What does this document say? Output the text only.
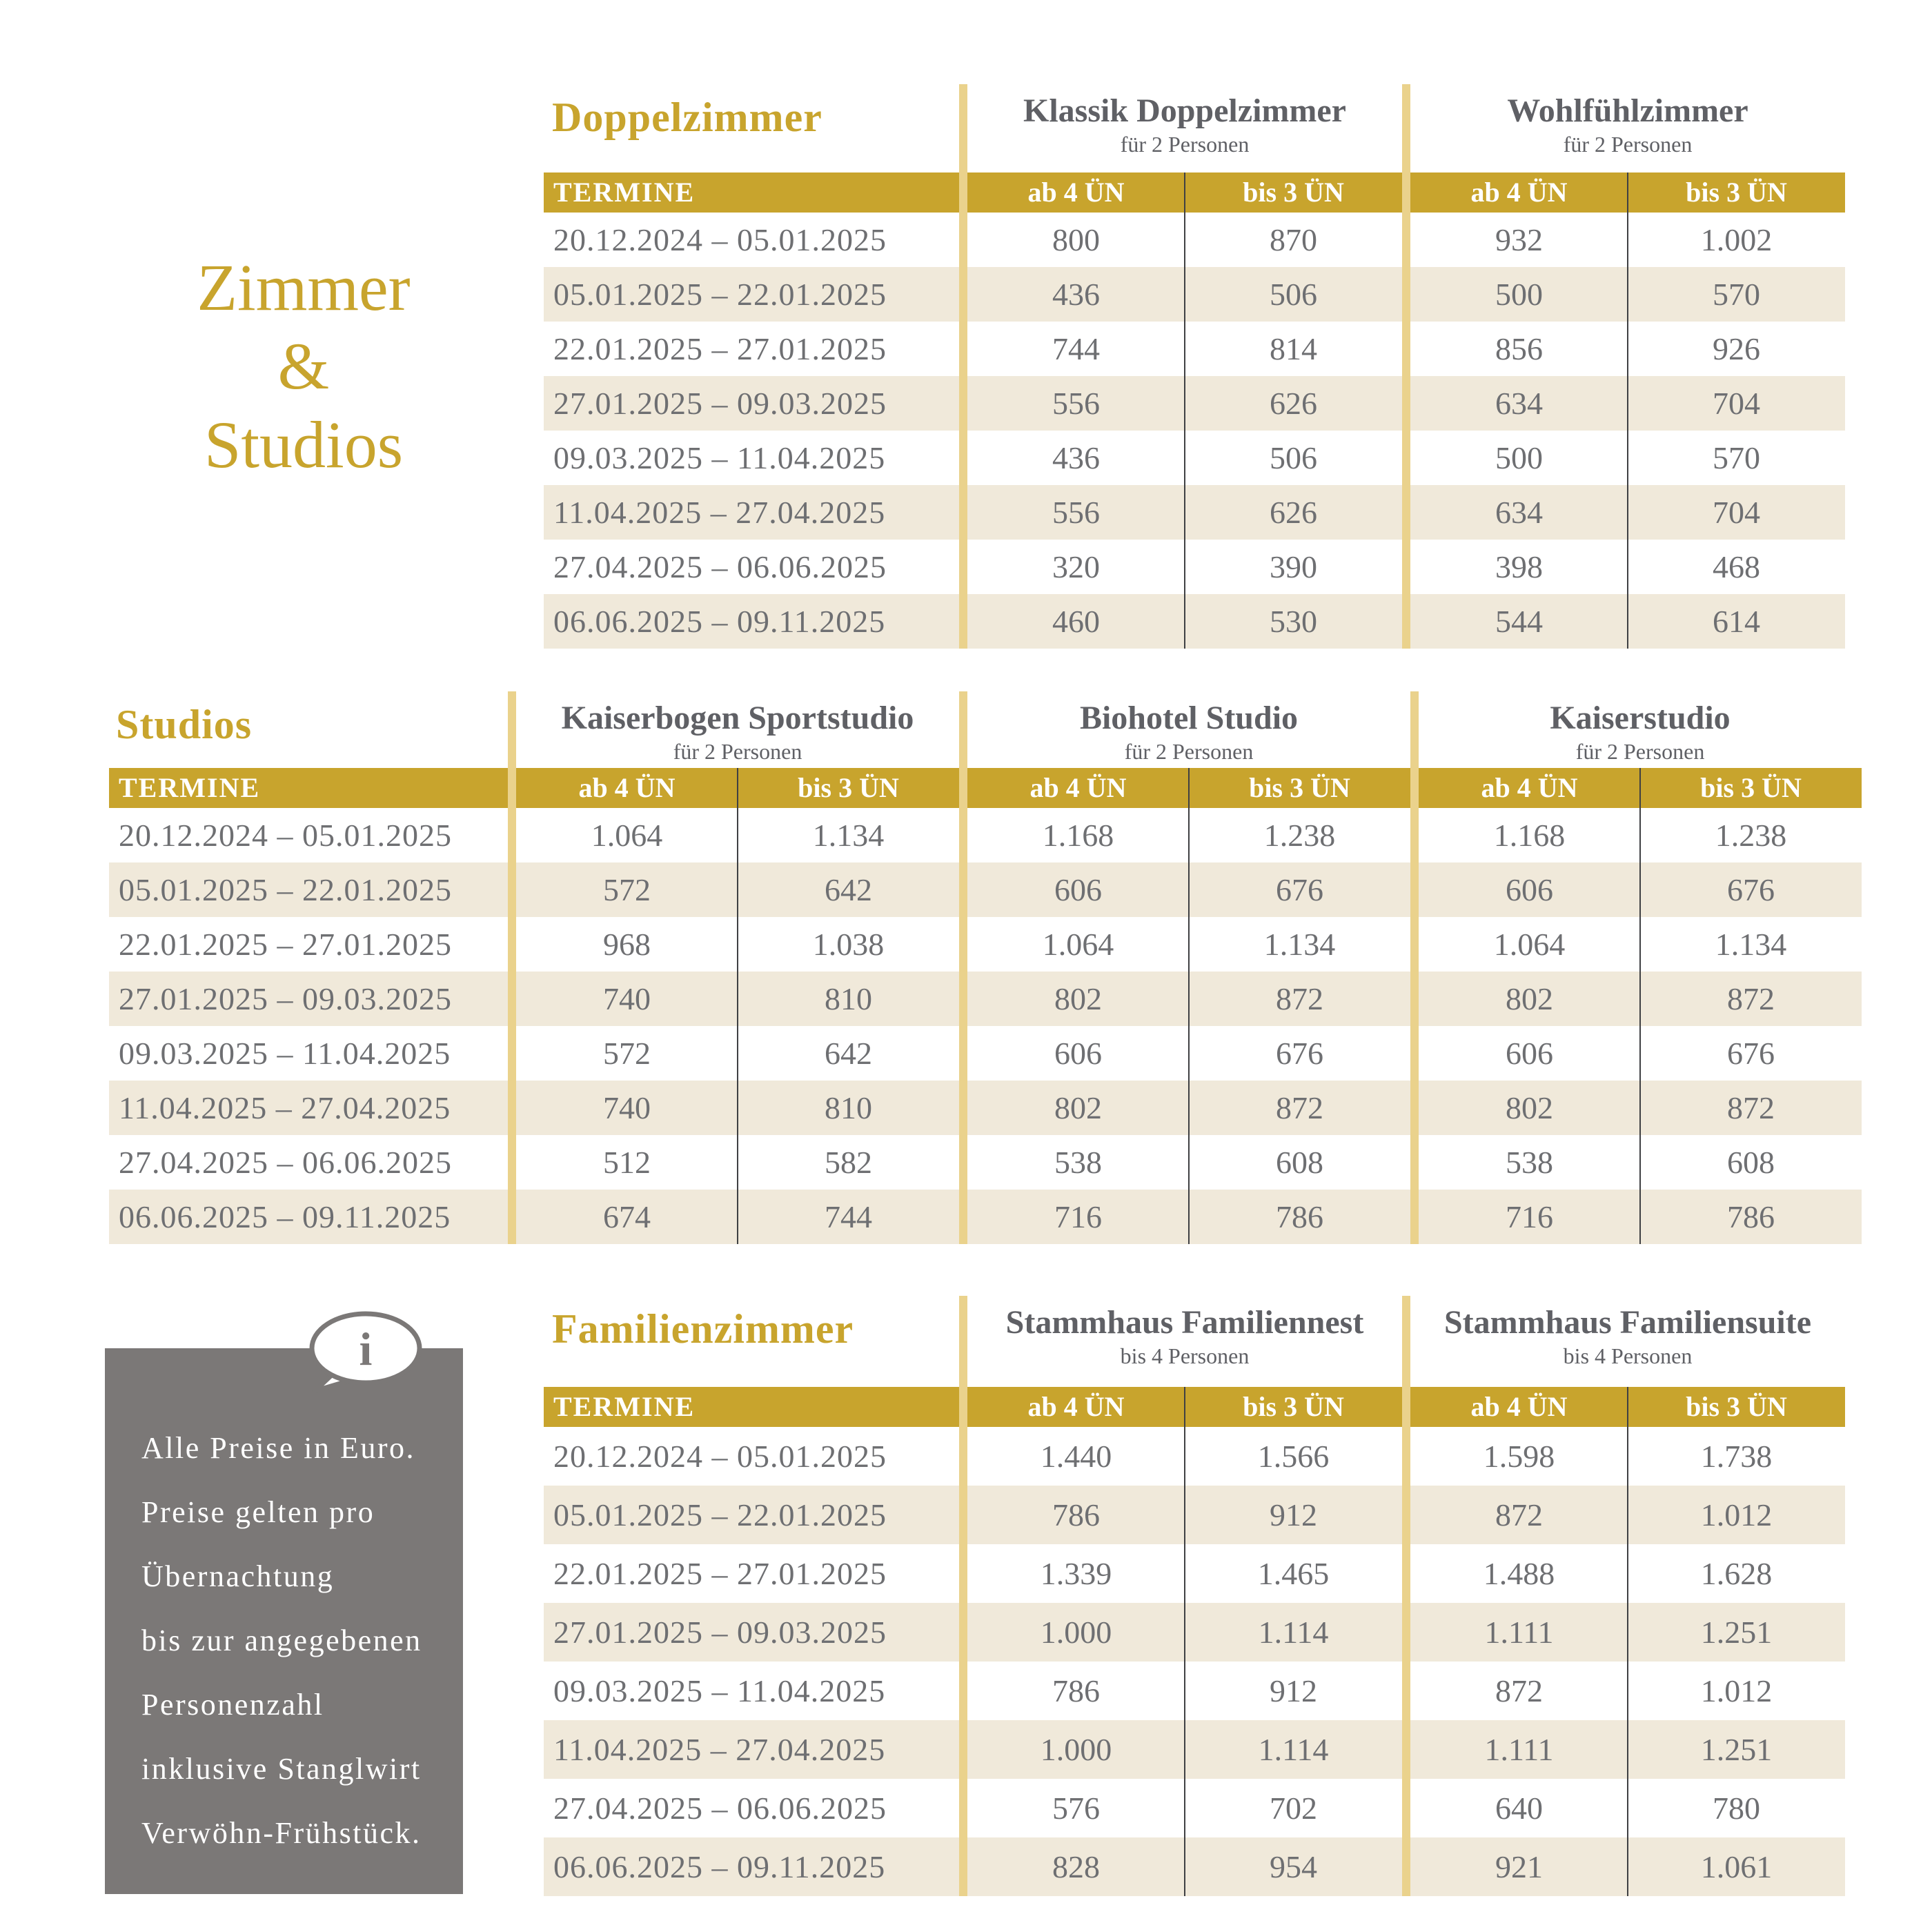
Zimmer
&
Studios
Doppelzimmer
20.12.2024 – 05.01.2025	800	870	932	1.002
05.01.2025 – 22.01.2025	436	506	500	570
22.01.2025 – 27.01.2025	744	814	856	926
27.01.2025 – 09.03.2025	556	626	634	704
09.03.2025 – 11.04.2025	436	506	500	570
11.04.2025 – 27.04.2025	556	626	634	704
27.04.2025 – 06.06.2025	320	390	398	468
06.06.2025 – 09.11.2025	460	530	544	614
TERMINE
Klassik Doppelzimmer
für 2 Personen
ab 4 ÜN	bis 3 ÜN
Wohlfühlzimmer
für 2 Personen
ab 4 ÜN	bis 3 ÜN
Studios
20.12.2024 – 05.01.2025	1.064	1.134	1.168	1.238	1.168	1.238
05.01.2025 – 22.01.2025	572	642	606	676	606	676
22.01.2025 – 27.01.2025	968	1.038	1.064	1.134	1.064	1.134
27.01.2025 – 09.03.2025	740	810	802	872	802	872
09.03.2025 – 11.04.2025	572	642	606	676	606	676
11.04.2025 – 27.04.2025	740	810	802	872	802	872
27.04.2025 – 06.06.2025	512	582	538	608	538	608
06.06.2025 – 09.11.2025	674	744	716	786	716	786
TERMINE
Kaiserbogen Sportstudio
für 2 Personen
ab 4 ÜN	bis 3 ÜN
Biohotel Studio
für 2 Personen
ab 4 ÜN	bis 3 ÜN
Kaiserstudio
für 2 Personen
ab 4 ÜN	bis 3 ÜN
Familienzimmer
20.12.2024 – 05.01.2025	1.440	1.566	1.598	1.738
05.01.2025 – 22.01.2025	786	912	872	1.012
22.01.2025 – 27.01.2025	1.339	1.465	1.488	1.628
27.01.2025 – 09.03.2025	1.000	1.114	1.111	1.251
09.03.2025 – 11.04.2025	786	912	872	1.012
11.04.2025 – 27.04.2025	1.000	1.114	1.111	1.251
27.04.2025 – 06.06.2025	576	702	640	780
06.06.2025 – 09.11.2025	828	954	921	1.061
TERMINE
Stammhaus Familiennest
bis 4 Personen
ab 4 ÜN	bis 3 ÜN
Stammhaus Familiensuite
bis 4 Personen
ab 4 ÜN	bis 3 ÜN
i
Alle Preise in Euro.
Preise gelten pro
Übernachtung
bis zur angegebenen
Personenzahl
inklusive Stanglwirt
Verwöhn-Frühstück.
